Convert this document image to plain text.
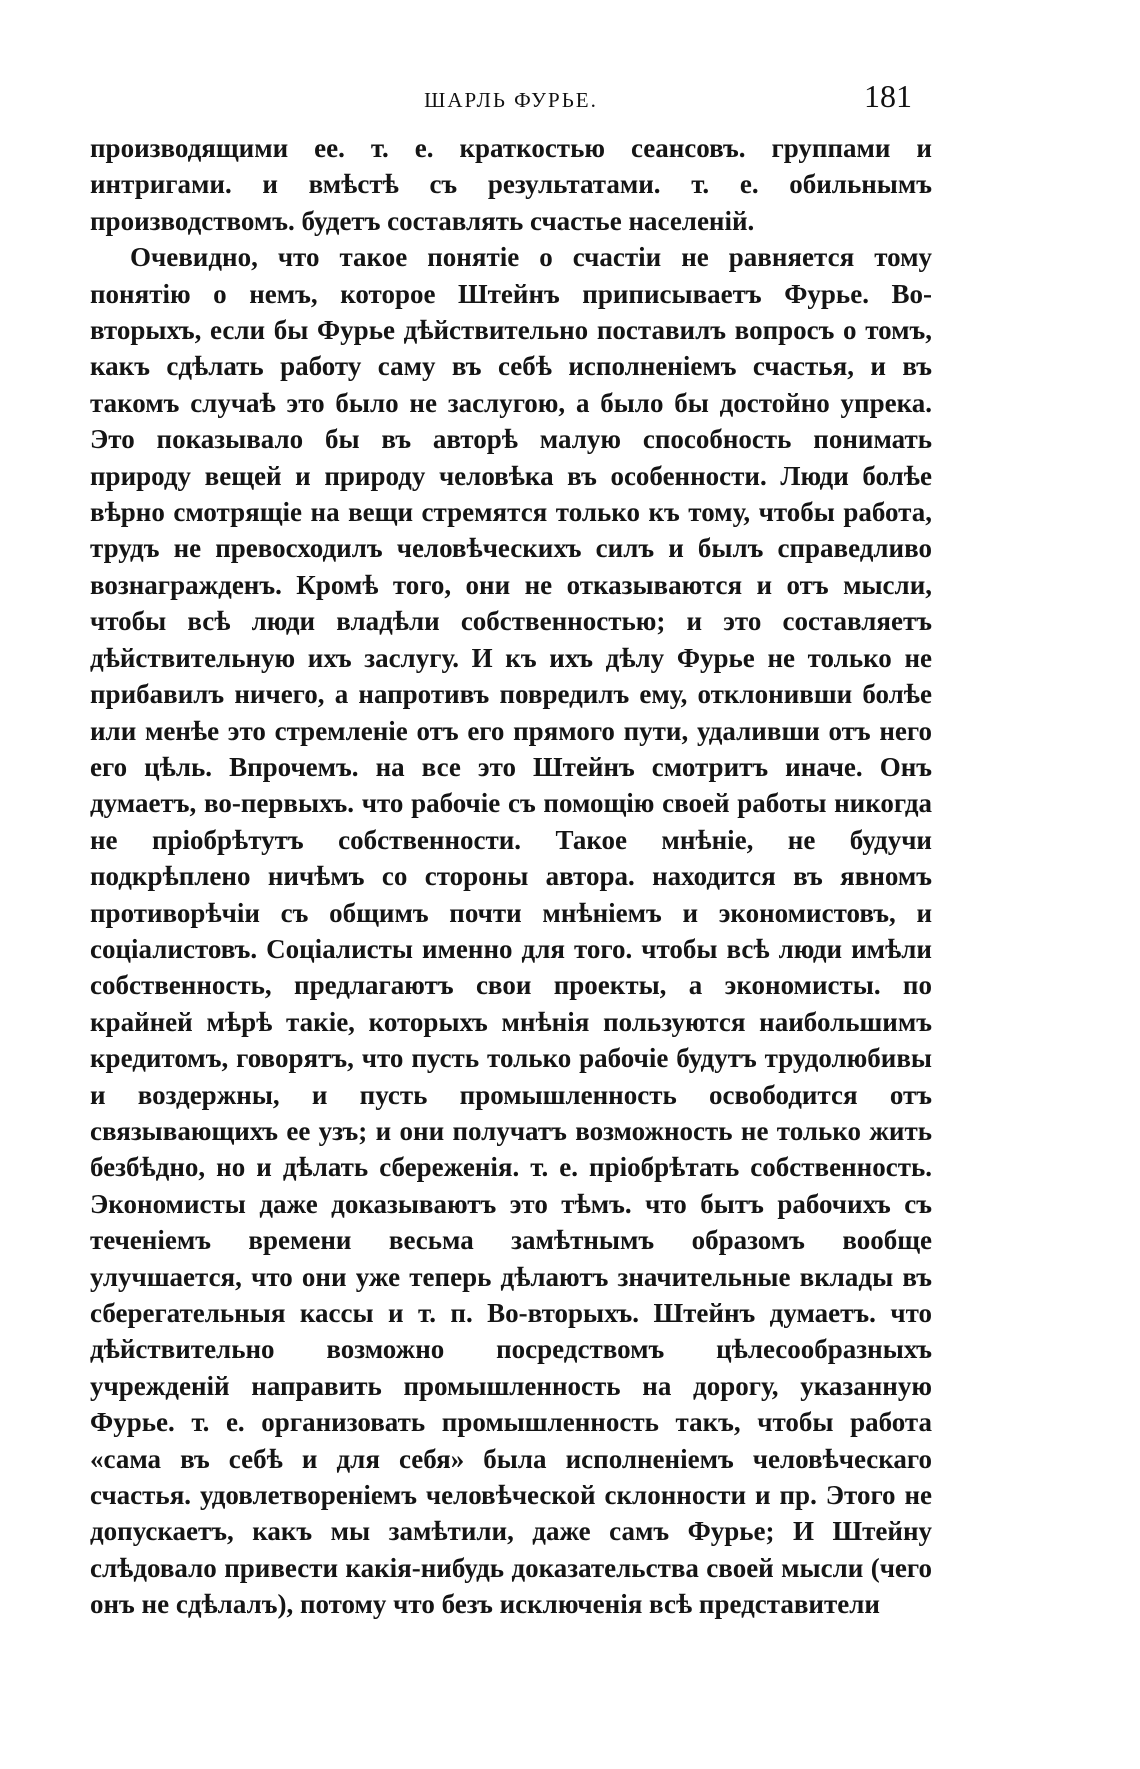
ШАРЛЬ ФУРЬЕ.	181

производящими ее. т. е. краткостью сеансовъ. группами и интригами. и вмѣстѣ съ результатами. т. е. обильнымъ производствомъ. будетъ составлять счастье населеній.

Очевидно, что такое понятіе о счастіи не равняется тому понятію о немъ, которое Штейнъ приписываетъ Фурье. Во-вторыхъ, если бы Фурье дѣйствительно поставилъ вопросъ о томъ, какъ сдѣлать работу саму въ себѣ исполненіемъ счастья, и въ такомъ случаѣ это было не заслугою, а было бы достойно упрека. Это показывало бы въ авторѣ малую способность понимать природу вещей и природу человѣка въ особенности. Люди болѣе вѣрно смотрящіе на вещи стремятся только къ тому, чтобы работа, трудъ не превосходилъ человѣческихъ силъ и былъ справедливо вознагражденъ. Кромѣ того, они не отказываются и отъ мысли, чтобы всѣ люди владѣли собственностью; и это составляетъ дѣйствительную ихъ заслугу. И къ ихъ дѣлу Фурье не только не прибавилъ ничего, а напротивъ повредилъ ему, отклонивши болѣе или менѣе это стремленіе отъ его прямого пути, удаливши отъ него его цѣль. Впрочемъ. на все это Штейнъ смотритъ иначе. Онъ думаетъ, во-первыхъ. что рабочіе съ помощію своей работы никогда не пріобрѣтутъ собственности. Такое мнѣніе, не будучи подкрѣплено ничѣмъ со стороны автора. находится въ явномъ противорѣчіи съ общимъ почти мнѣніемъ и экономистовъ, и соціалистовъ. Соціалисты именно для того. чтобы всѣ люди имѣли собственность, предлагаютъ свои проекты, а экономисты. по крайней мѣрѣ такіе, которыхъ мнѣнія пользуются наибольшимъ кредитомъ, говорятъ, что пусть только рабочіе будутъ трудолюбивы и воздержны, и пусть промышленность освободится отъ связывающихъ ее узъ; и они получатъ возможность не только жить безбѣдно, но и дѣлать сбереженія. т. е. пріобрѣтать собственность. Экономисты даже доказываютъ это тѣмъ. что бытъ рабочихъ съ теченіемъ времени весьма замѣтнымъ образомъ вообще улучшается, что они уже теперь дѣлаютъ значительные вклады въ сберегательныя кассы и т. п. Во-вторыхъ. Штейнъ думаетъ. что дѣйствительно возможно посредствомъ цѣлесообразныхъ учрежденій направить промышленность на дорогу, указанную Фурье. т. е. организовать промышленность такъ, чтобы работа «сама въ себѣ и для себя» была исполненіемъ человѣческаго счастья. удовлетвореніемъ человѣческой склонности и пр. Этого не допускаетъ, какъ мы замѣтили, даже самъ Фурье; И Штейну слѣдовало привести какія-нибудь доказательства своей мысли (чего онъ не сдѣлалъ), потому что безъ исключенія всѣ представители
